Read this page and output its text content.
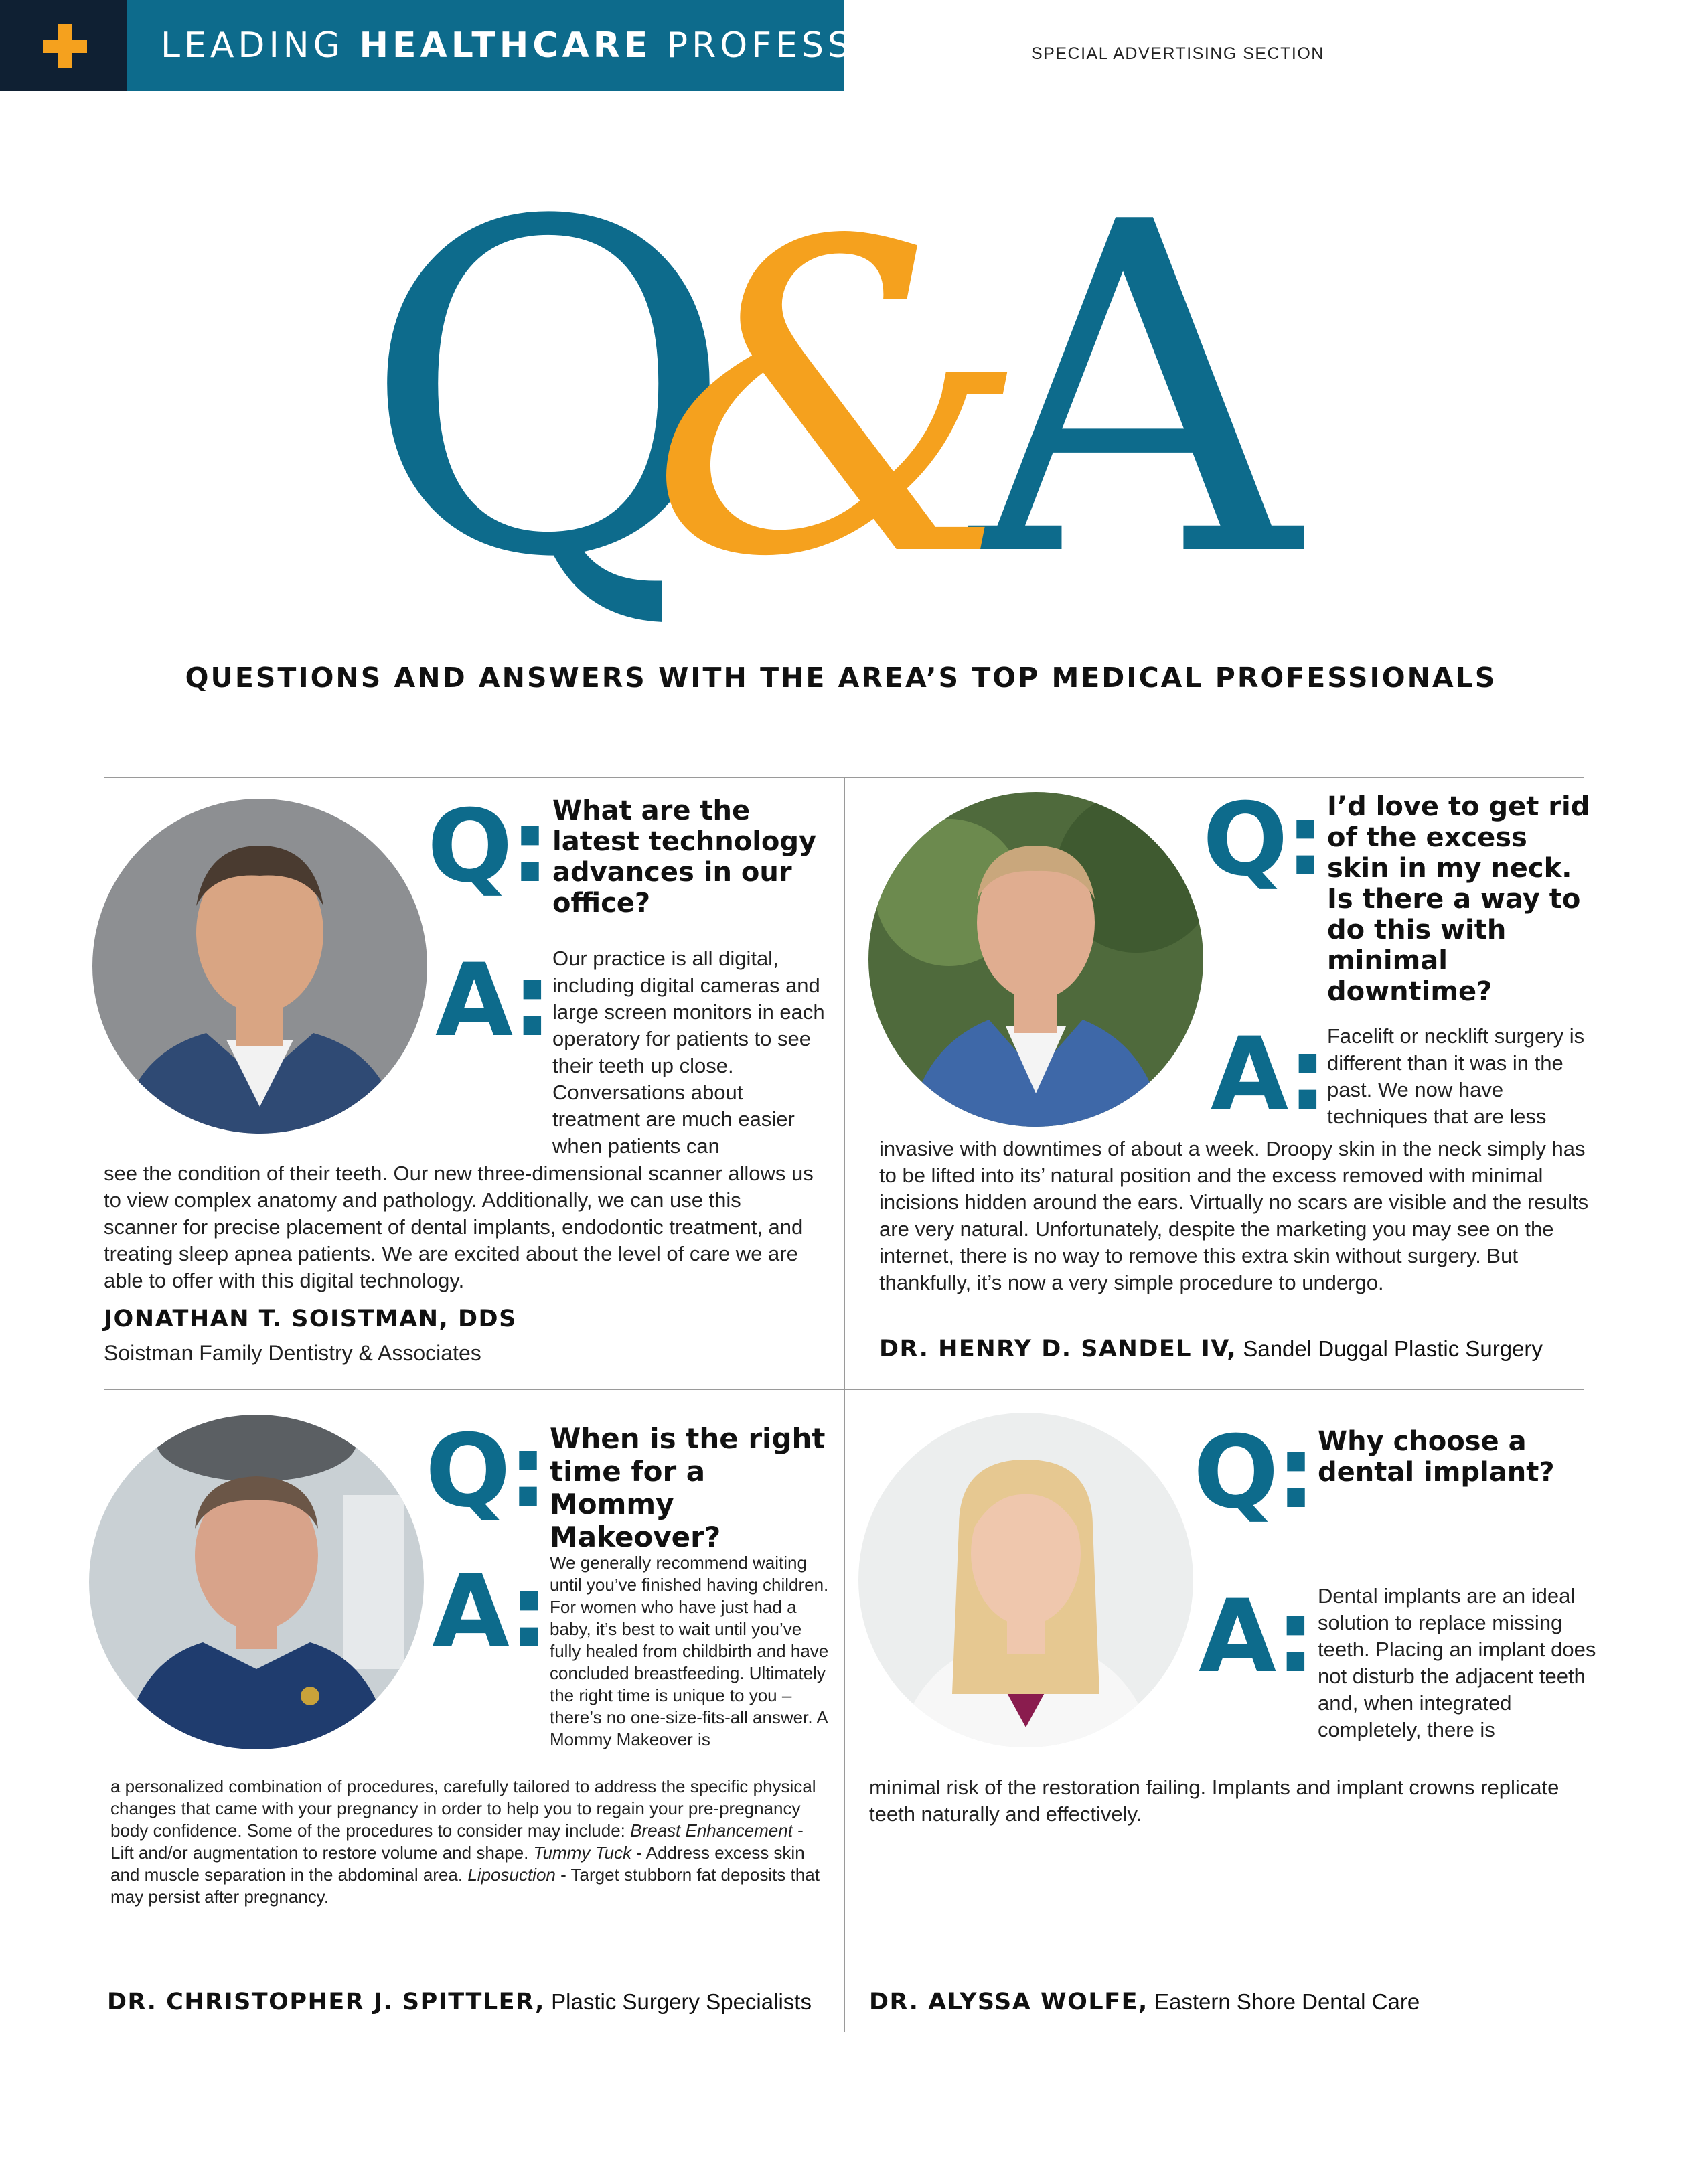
LEADING HEALTHCARE PROFESSIONALS SPECIAL ADVERTISING SECTION
Q A
&
QUESTIONS AND ANSWERS WITH THE AREA’S TOP MEDICAL PROFESSIONALS
Q: What are the latest technology advances in our office?
A: Our practice is all digital, including digital cameras and large screen monitors in each operatory for patients to see their teeth up close. Conversations about treatment are much easier when patients can
see the condition of their teeth. Our new three-dimensional scanner allows us to view complex anatomy and pathology. Additionally, we can use this scanner for precise placement of dental implants, endodontic treatment, and treating sleep apnea patients. We are excited about the level of care we are able to offer with this digital technology.
JONATHAN T. SOISTMAN, DDS
Soistman Family Dentistry & Associates
Q: I’d love to get rid of the excess skin in my neck. Is there a way to do this with minimal downtime?
A: Facelift or necklift surgery is different than it was in the past. We now have techniques that are less
invasive with downtimes of about a week. Droopy skin in the neck simply has to be lifted into its’ natural position and the excess removed with minimal incisions hidden around the ears. Virtually no scars are visible and the results are very natural. Unfortunately, despite the marketing you may see on the internet, there is no way to remove this extra skin without surgery. But thankfully, it’s now a very simple procedure to undergo.
DR. HENRY D. SANDEL IV, Sandel Duggal Plastic Surgery
Q: When is the right time for a Mommy Makeover?
A: We generally recommend waiting until you’ve finished having children. For women who have just had a baby, it’s best to wait until you’ve fully healed from childbirth and have concluded breastfeeding. Ultimately the right time is unique to you – there’s no one-size-fits-all answer. A Mommy Makeover is
a personalized combination of procedures, carefully tailored to address the specific physical changes that came with your pregnancy in order to help you to regain your pre-pregnancy body confidence. Some of the procedures to consider may include: Breast Enhancement - Lift and/or augmentation to restore volume and shape. Tummy Tuck - Address excess skin and muscle separation in the abdominal area. Liposuction - Target stubborn fat deposits that may persist after pregnancy.
DR. CHRISTOPHER J. SPITTLER, Plastic Surgery Specialists
Q: Why choose a dental implant?
A: Dental implants are an ideal solution to replace missing teeth. Placing an implant does not disturb the adjacent teeth and, when integrated completely, there is
minimal risk of the restoration failing. Implants and implant crowns replicate teeth naturally and effectively.
DR. ALYSSA WOLFE, Eastern Shore Dental Care
